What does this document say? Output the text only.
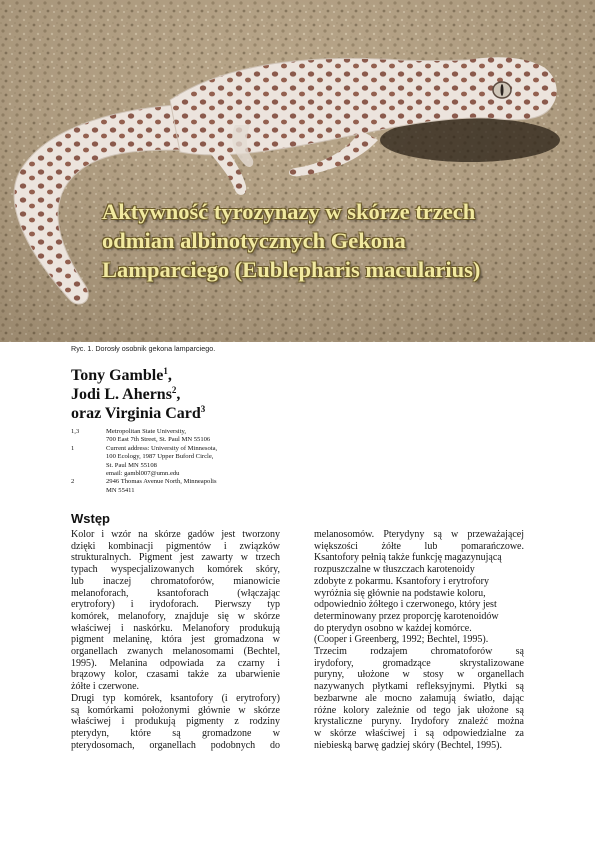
Aktywność tyrozynazy w skórze trzech
odmian albinotycznych Gekona
Lamparciego (Eublepharis macularius)
Ryc. 1. Dorosły osobnik gekona lamparciego.
Tony Gamble$^1$,
Jodi L. Aherns$^2$,
oraz Virginia Card$^3$
1,3	Metropolitan State University,
700 East 7th Street, St. Paul MN 55106
1	Current address: University of Minnesota,
100 Ecology, 1987 Upper Buford Circle,
St. Paul MN 55108
email: gambl007@umn.edu
2	2946 Thomas Avenue North, Minneapolis
MN 55411
Wstęp
Kolor i wzór na skórze gadów jest tworzony
dzięki kombinacji pigmentów i związków
strukturalnych. Pigment jest zawarty w trzech
typach wyspecjalizowanych komórek skóry,
lub inaczej chromatoforów, mianowicie
melanoforach, ksantoforach (włączając
erytrofory) i irydoforach. Pierwszy typ
komórek, melanofory, znajduje się w skórze
właściwej i naskórku. Melanofory produkują
pigment melaninę, która jest gromadzona w
organellach zwanych melanosomami (Bechtel,
1995). Melanina odpowiada za czarny i
brązowy kolor, czasami także za ubarwienie
żółte i czerwone.
Drugi typ komórek, ksantofory (i erytrofory)
są komórkami położonymi głównie w skórze
właściwej i produkują pigmenty z rodziny
pterydyn, które są gromadzone w
pterydosomach, organellach podobnych do
melanosomów. Pterydyny są w przeważającej
większości żółte lub pomarańczowe.
Ksantofory pełnią także funkcję magazynującą
rozpuszczalne w tłuszczach karotenoidy
zdobyte z pokarmu. Ksantofory i erytrofory
wyróżnia się głównie na podstawie koloru,
odpowiednio żółtego i czerwonego, który jest
determinowany przez proporcję karotenoidów
do pterydyn osobno w każdej komórce.
(Cooper i Greenberg, 1992; Bechtel, 1995).
Trzecim rodzajem chromatoforów są
irydofory, gromadzące skrystalizowane
puryny, ułożone w stosy w organellach
nazywanych płytkami refleksyjnymi. Płytki są
bezbarwne ale mocno załamują światło, dając
różne kolory zależnie od tego jak ułożone są
krystaliczne puryny. Irydofory znaleźć można
w skórze właściwej i są odpowiedzialne za
niebieską barwę gadziej skóry (Bechtel, 1995).
